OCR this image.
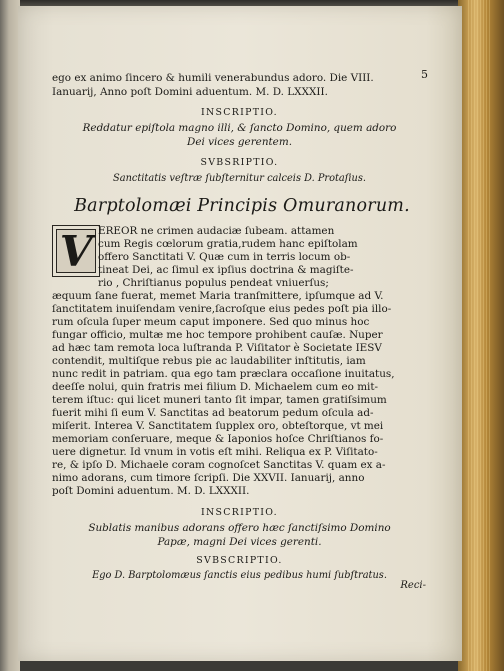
5
ego ex animo ſincero & humili venerabundus adoro. Die VIII.
Ianuarij, Anno poſt Domini aduentum. M. D. LXXXII.
INSCRIPTIO.
Reddatur epiſtola magno illi, & ſancto Domino, quem adoro
Dei vices gerentem.
SVBSRIPTIO.
Sanctitatis veſtræ ſubſternitur calceis D. Protaſius.
Barptolomæi Principis Omuranorum.
V EREOR ne crimen audaciæ ſubeam. attamen
cum Regis cœlorum gratia,rudem hanc epiſtolam
offero Sanctitati V. Quæ cum in terris locum ob-
tineat Dei, ac ſimul ex ipſius doctrina & magiſte-
rio , Chriſtianus populus pendeat vniuerſus;
æquum ſane fuerat, memet Maria tranſmittere, ipſumque ad V.
ſanctitatem inuiſendam venire,ſacroſque eius pedes poſt pia illo-
rum oſcula ſuper meum caput imponere. Sed quo minus hoc
fungar officio, multæ me hoc tempore prohibent cauſæ. Nuper
ad hæc tam remota loca luſtranda P. Viſitator è Societate IESV
contendit, multiſque rebus pie ac laudabiliter inſtitutis, iam
nunc redit in patriam. qua ego tam præclara occaſione inuitatus,
deeſſe nolui, quin fratris mei filium D. Michaelem cum eo mit-
terem iſtuc: qui licet muneri tanto ſit impar, tamen gratiſsimum
fuerit mihi ſi eum V. Sanctitas ad beatorum pedum oſcula ad-
miſerit. Interea V. Sanctitatem ſupplex oro, obteſtorque, vt mei
memoriam conſeruare, meque & Iaponios hoſce Chriſtianos fo-
uere dignetur. Id vnum in votis eſt mihi. Reliqua ex P. Viſitato-
re, & ipſo D. Michaele coram cognoſcet Sanctitas V. quam ex a-
nimo adorans, cum timore ſcripſi. Die XXVII. Ianuarij, anno
poſt Domini aduentum. M. D. LXXXII.
INSCRIPTIO.
Sublatis manibus adorans offero hæc ſanctiſsimo Domino
Papæ, magni Dei vices gerenti.
SVBSCRIPTIO.
Ego D. Barptolomæus ſanctis eius pedibus humi ſubſtratus.
Reci-
